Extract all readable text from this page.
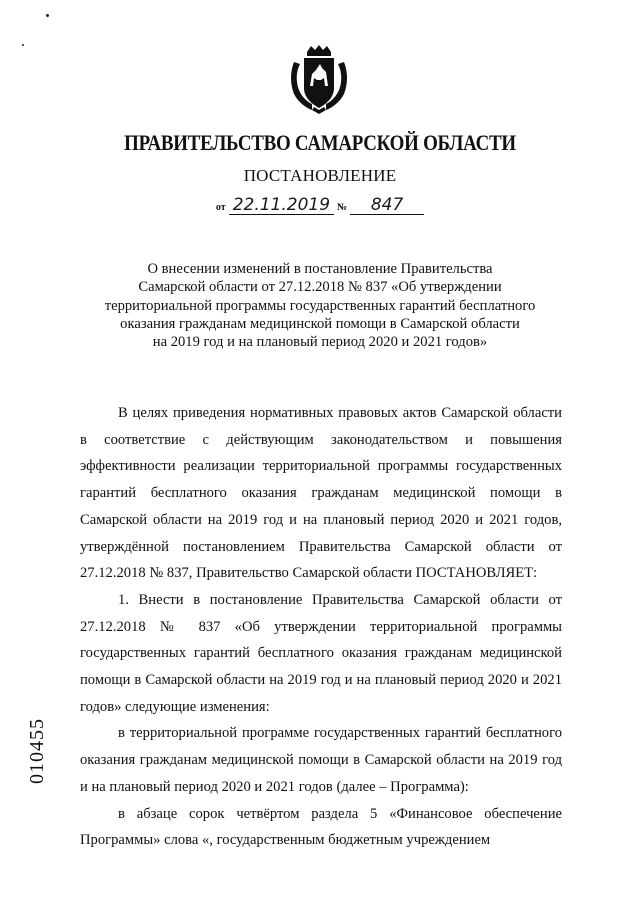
ПРАВИТЕЛЬСТВО САМАРСКОЙ ОБЛАСТИ
ПОСТАНОВЛЕНИЕ
от 22.11.2019 № 847
О внесении изменений в постановление Правительства
Самарской области от 27.12.2018 № 837 «Об утверждении
территориальной программы государственных гарантий бесплатного
оказания гражданам медицинской помощи в Самарской области
на 2019 год и на плановый период 2020 и 2021 годов»

В целях приведения нормативных правовых актов Самарской области в соответствие с действующим законодательством и повышения эффективности реализации территориальной программы государственных гарантий бесплатного оказания гражданам медицинской помощи в Самарской области на 2019 год и на плановый период 2020 и 2021 годов, утверждённой постановлением Правительства Самарской области от 27.12.2018 № 837, Правительство Самарской области ПОСТАНОВЛЯЕТ:

1. Внести в постановление Правительства Самарской области от 27.12.2018 № 837 «Об утверждении территориальной программы государственных гарантий бесплатного оказания гражданам медицинской помощи в Самарской области на 2019 год и на плановый период 2020 и 2021 годов» следующие изменения:

в территориальной программе государственных гарантий бесплатного оказания гражданам медицинской помощи в Самарской области на 2019 год и на плановый период 2020 и 2021 годов (далее – Программа):

в абзаце сорок четвёртом раздела 5 «Финансовое обеспечение Программы» слова «, государственным бюджетным учреждением

010455
